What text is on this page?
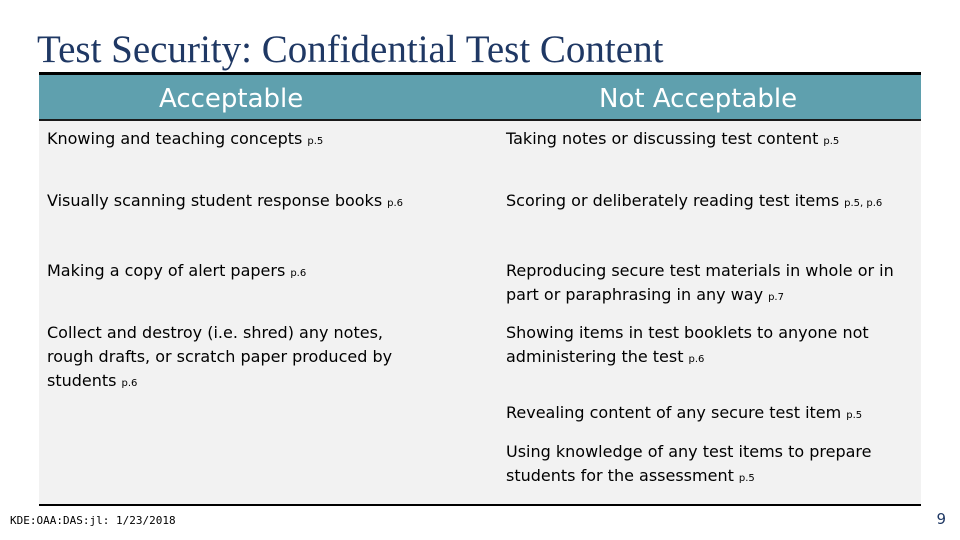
Test Security: Confidential Test Content
Acceptable	Not Acceptable
Knowing and teaching concepts p.5
Visually scanning student response books p.6
Making a copy of alert papers p.6
Collect and destroy (i.e. shred) any notes, rough drafts, or scratch paper produced by students p.6
Taking notes or discussing test content p.5
Scoring or deliberately reading test items p.5, p.6
Reproducing secure test materials in whole or in part or paraphrasing in any way p.7
Showing items in test booklets to anyone not administering the test p.6
Revealing content of any secure test item p.5
Using knowledge of any test items to prepare students for the assessment p.5
KDE:OAA:DAS:jl: 1/23/2018	9
